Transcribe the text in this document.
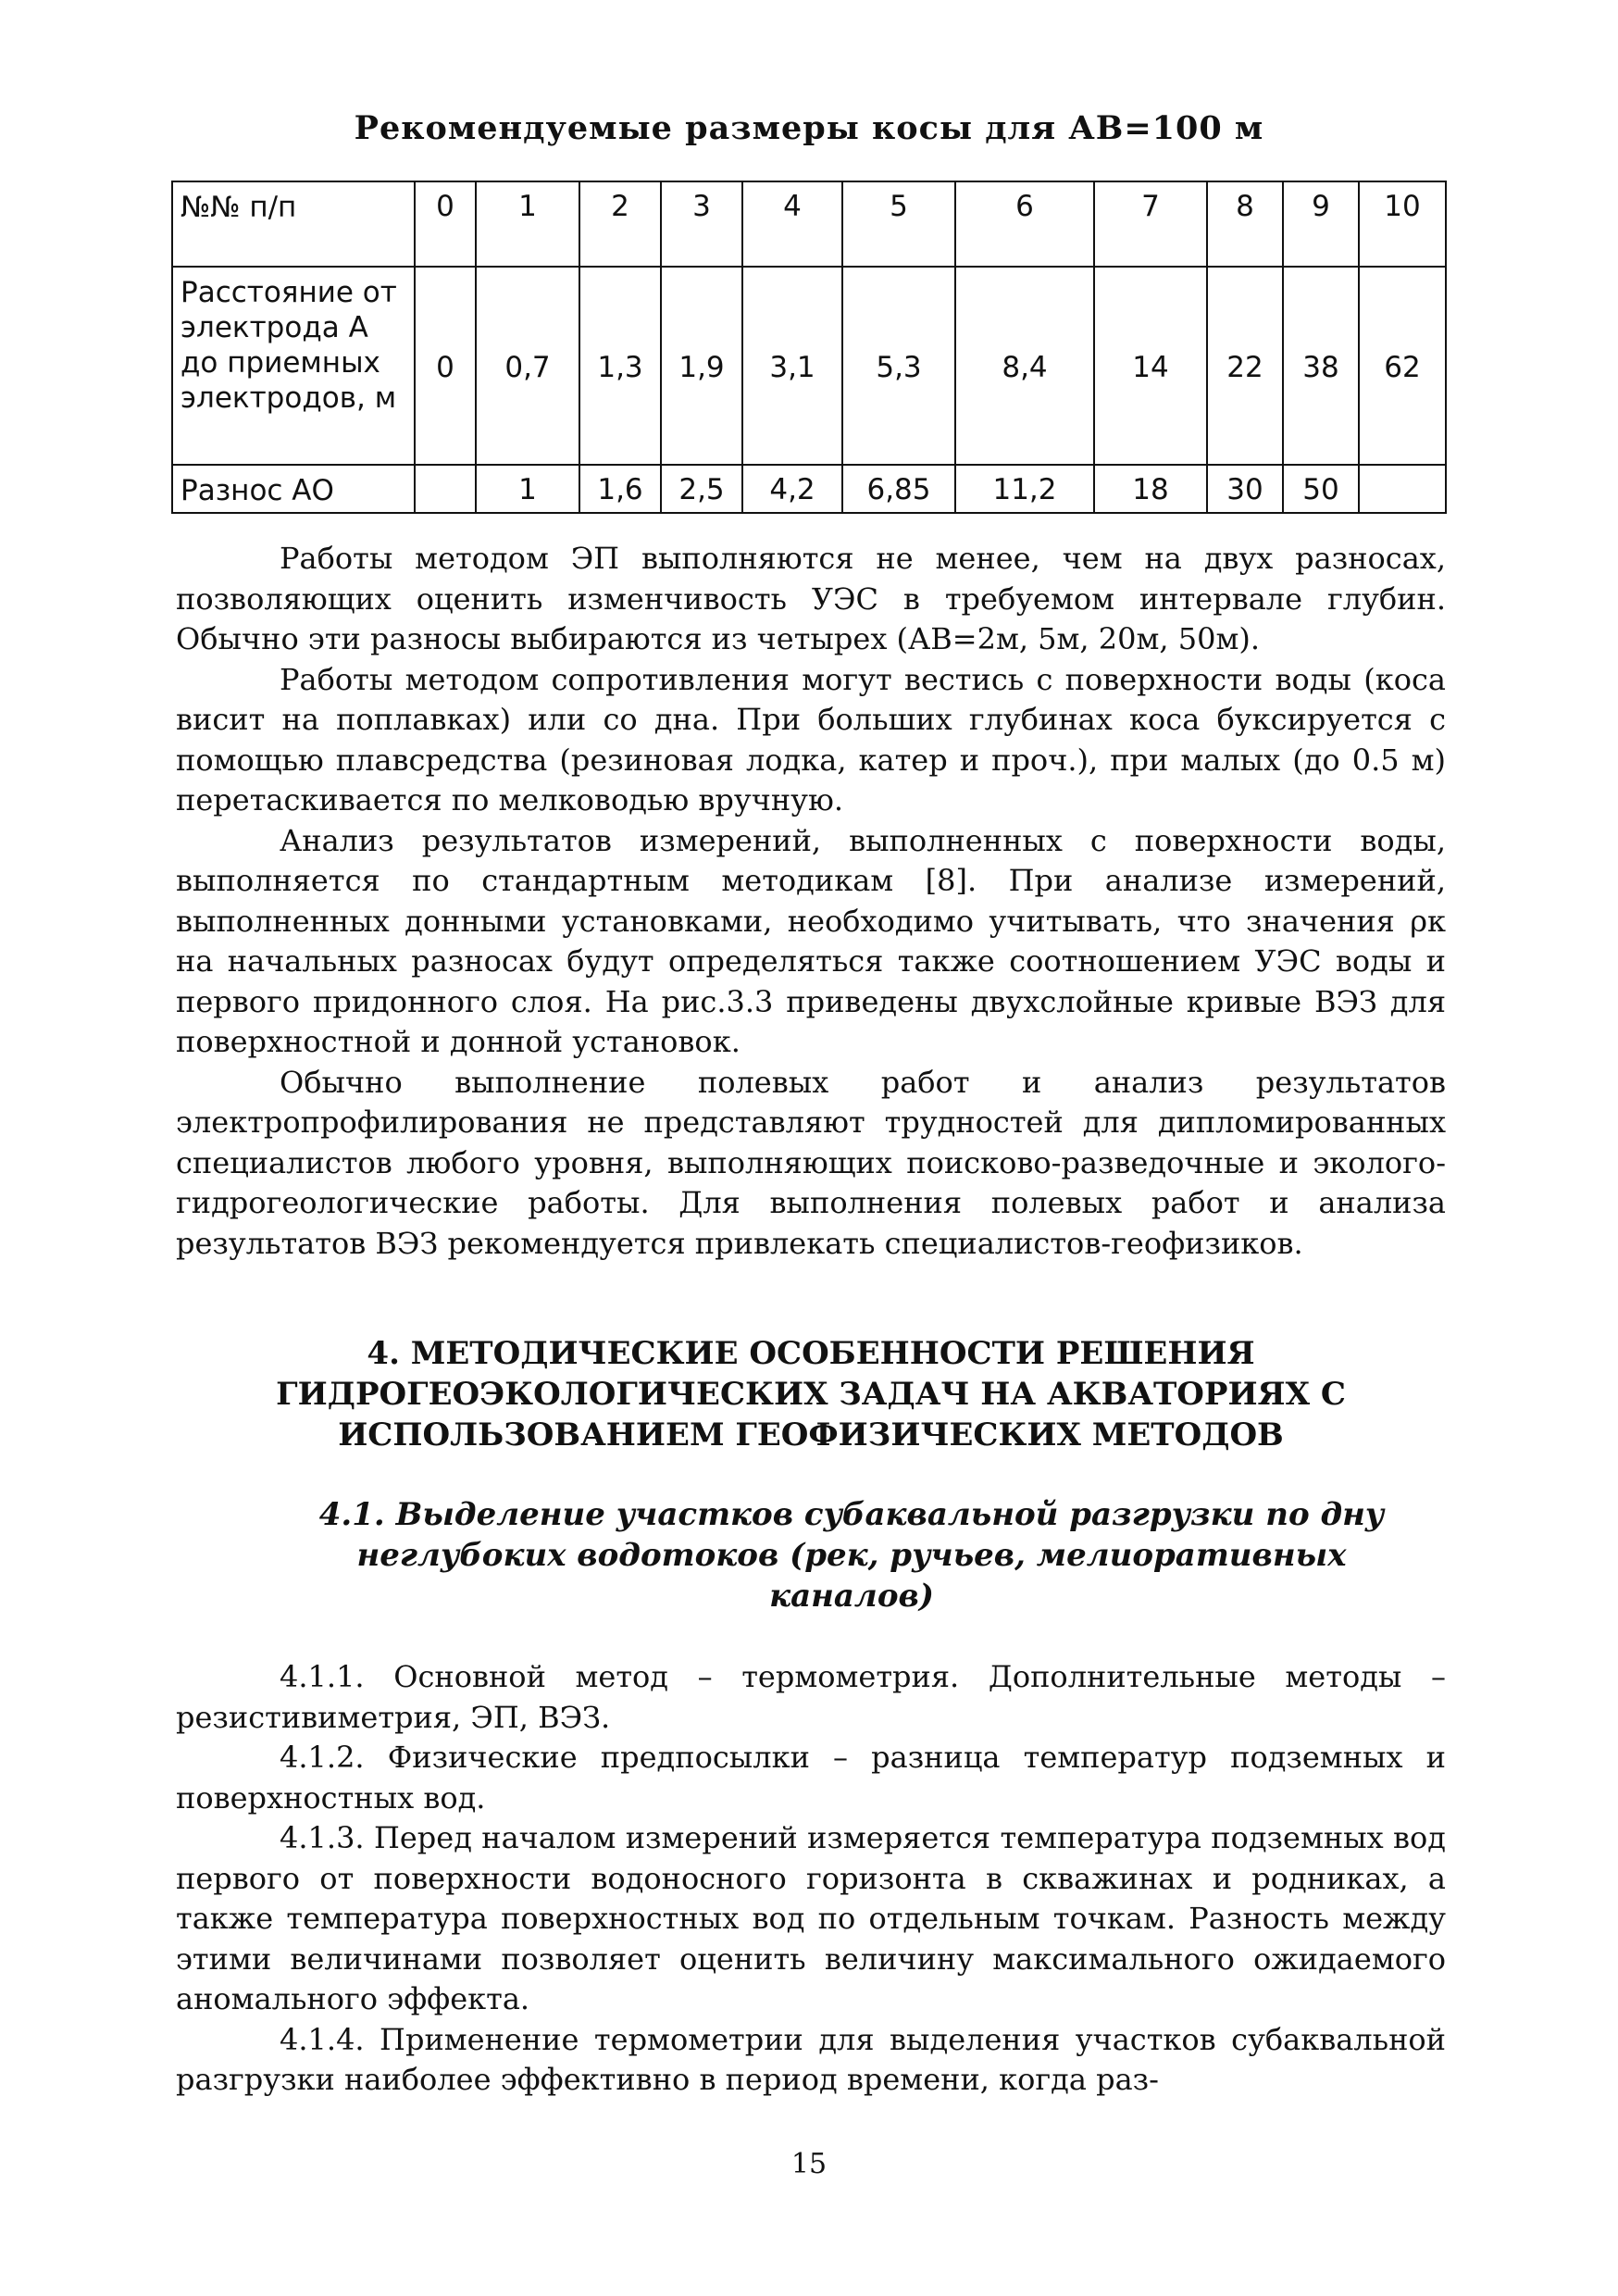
Рекомендуемые размеры косы для АВ=100 м
№№ п/п	0	1	2	3	4	5	6	7	8	9	10
Расстояние от электрода А до приемных электродов, м	0	0,7	1,3	1,9	3,1	5,3	8,4	14	22	38	62
Разнос АО		1	1,6	2,5	4,2	6,85	11,2	18	30	50	

Работы методом ЭП выполняются не менее, чем на двух разносах, позволяющих оценить изменчивость УЭС в требуемом интервале глубин. Обычно эти разносы выбираются из четырех (АВ=2м, 5м, 20м, 50м).

Работы методом сопротивления могут вестись с поверхности воды (коса висит на поплавках) или со дна. При больших глубинах коса буксируется с помощью плавсредства (резиновая лодка, катер и проч.), при малых (до 0.5 м) перетаскивается по мелководью вручную.

Анализ результатов измерений, выполненных с поверхности воды, выполняется по стандартным методикам [8]. При анализе измерений, выполненных донными установками, необходимо учитывать, что значения ρк на начальных разносах будут определяться также соотношением УЭС воды и первого придонного слоя. На рис.3.3 приведены двухслойные кривые ВЭЗ для поверхностной и донной установок.

Обычно выполнение полевых работ и анализ результатов электропрофилирования не представляют трудностей для дипломированных специалистов любого уровня, выполняющих поисково-разведочные и эколого-гидрогеологические работы. Для выполнения полевых работ и анализа результатов ВЭЗ рекомендуется привлекать специалистов-геофизиков.

4. МЕТОДИЧЕСКИЕ ОСОБЕННОСТИ РЕШЕНИЯ ГИДРОГЕОЭКОЛОГИЧЕСКИХ ЗАДАЧ НА АКВАТОРИЯХ С ИСПОЛЬЗОВАНИЕМ ГЕОФИЗИЧЕСКИХ МЕТОДОВ
4.1. Выделение участков субаквальной разгрузки по дну неглубоких водотоков (рек, ручьев, мелиоративных каналов)

4.1.1. Основной метод – термометрия. Дополнительные методы – резистивиметрия, ЭП, ВЭЗ.

4.1.2. Физические предпосылки – разница температур подземных и поверхностных вод.

4.1.3. Перед началом измерений измеряется температура подземных вод первого от поверхности водоносного горизонта в скважинах и родниках, а также температура поверхностных вод по отдельным точкам. Разность между этими величинами позволяет оценить величину максимального ожидаемого аномального эффекта.

4.1.4. Применение термометрии для выделения участков субаквальной разгрузки наиболее эффективно в период времени, когда раз-

15
